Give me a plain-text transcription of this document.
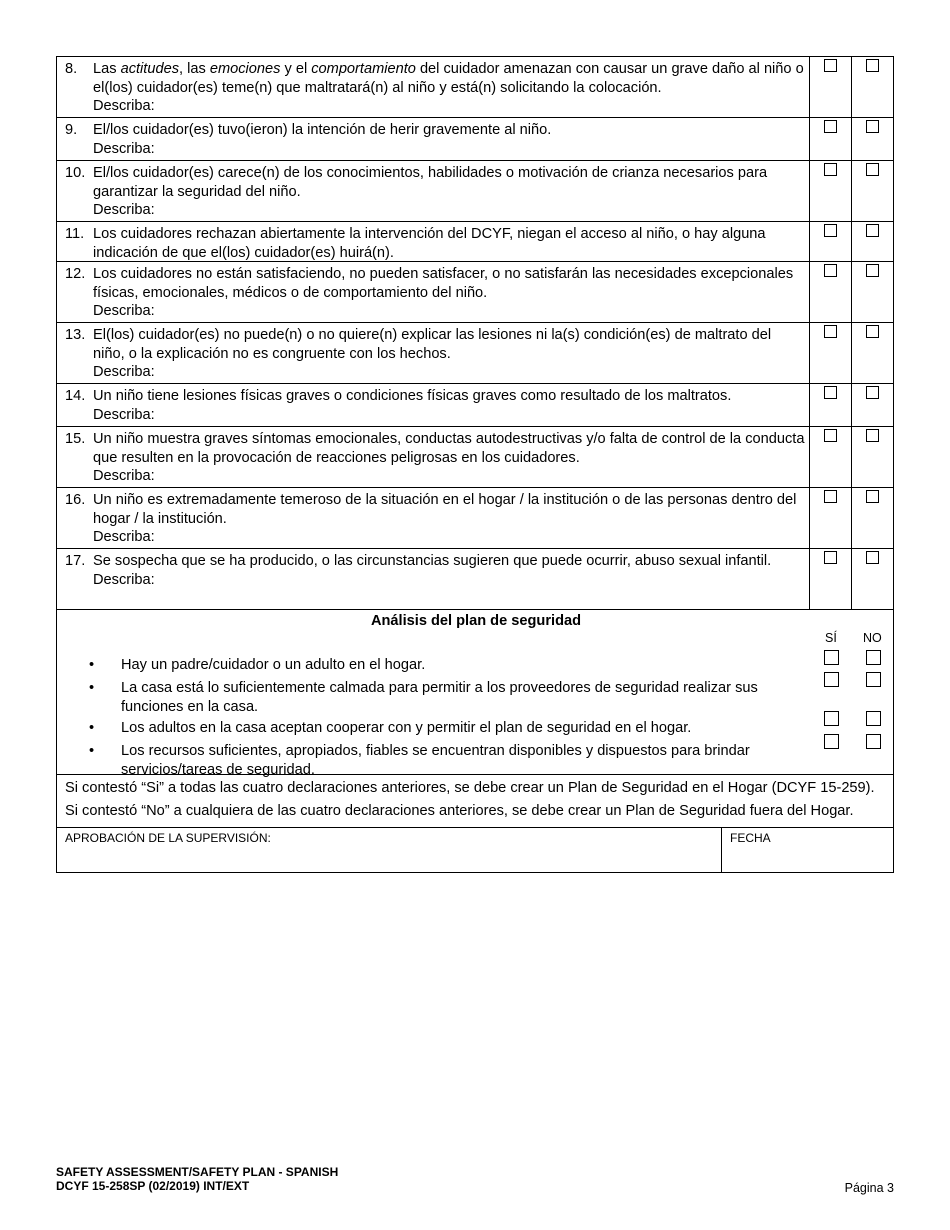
8. Las actitudes, las emociones y el comportamiento del cuidador amenazan con causar un grave daño al niño o el(los) cuidador(es) teme(n) que maltratará(n) al niño y está(n) solicitando la colocación.
Describa:
9. El/los cuidador(es) tuvo(ieron) la intención de herir gravemente al niño.
Describa:
10. El/los cuidador(es) carece(n) de los conocimientos, habilidades o motivación de crianza necesarios para garantizar la seguridad del niño.
Describa:
11. Los cuidadores rechazan abiertamente la intervención del DCYF, niegan el acceso al niño, o hay alguna indicación de que el(los) cuidador(es) huirá(n).
12. Los cuidadores no están satisfaciendo, no pueden satisfacer, o no satisfarán las necesidades excepcionales físicas, emocionales, médicos o de comportamiento del niño.
Describa:
13. El(los) cuidador(es) no puede(n) o no quiere(n) explicar las lesiones ni la(s) condición(es) de maltrato del niño, o la explicación no es congruente con los hechos.
Describa:
14. Un niño tiene lesiones físicas graves o condiciones físicas graves como resultado de los maltratos.
Describa:
15. Un niño muestra graves síntomas emocionales, conductas autodestructivas y/o falta de control de la conducta que resulten en la provocación de reacciones peligrosas en los cuidadores.
Describa:
16. Un niño es extremadamente temeroso de la situación en el hogar / la institución o de las personas dentro del hogar / la institución.
Describa:
17. Se sospecha que se ha producido, o las circunstancias sugieren que puede ocurrir, abuso sexual infantil.
Describa:
Análisis del plan de seguridad
SÍ NO
• Hay un padre/cuidador o un adulto en el hogar.
• La casa está lo suficientemente calmada para permitir a los proveedores de seguridad realizar sus funciones en la casa.
• Los adultos en la casa aceptan cooperar con y permitir el plan de seguridad en el hogar.
• Los recursos suficientes, apropiados, fiables se encuentran disponibles y dispuestos para brindar servicios/tareas de seguridad.

Si contestó “Si” a todas las cuatro declaraciones anteriores, se debe crear un Plan de Seguridad en el Hogar (DCYF 15-259).

Si contestó “No” a cualquiera de las cuatro declaraciones anteriores, se debe crear un Plan de Seguridad fuera del Hogar.

APROBACIÓN DE LA SUPERVISIÓN:	FECHA
SAFETY ASSESSMENT/SAFETY PLAN - SPANISH
DCYF 15-258SP (02/2019) INT/EXT	Página 3
